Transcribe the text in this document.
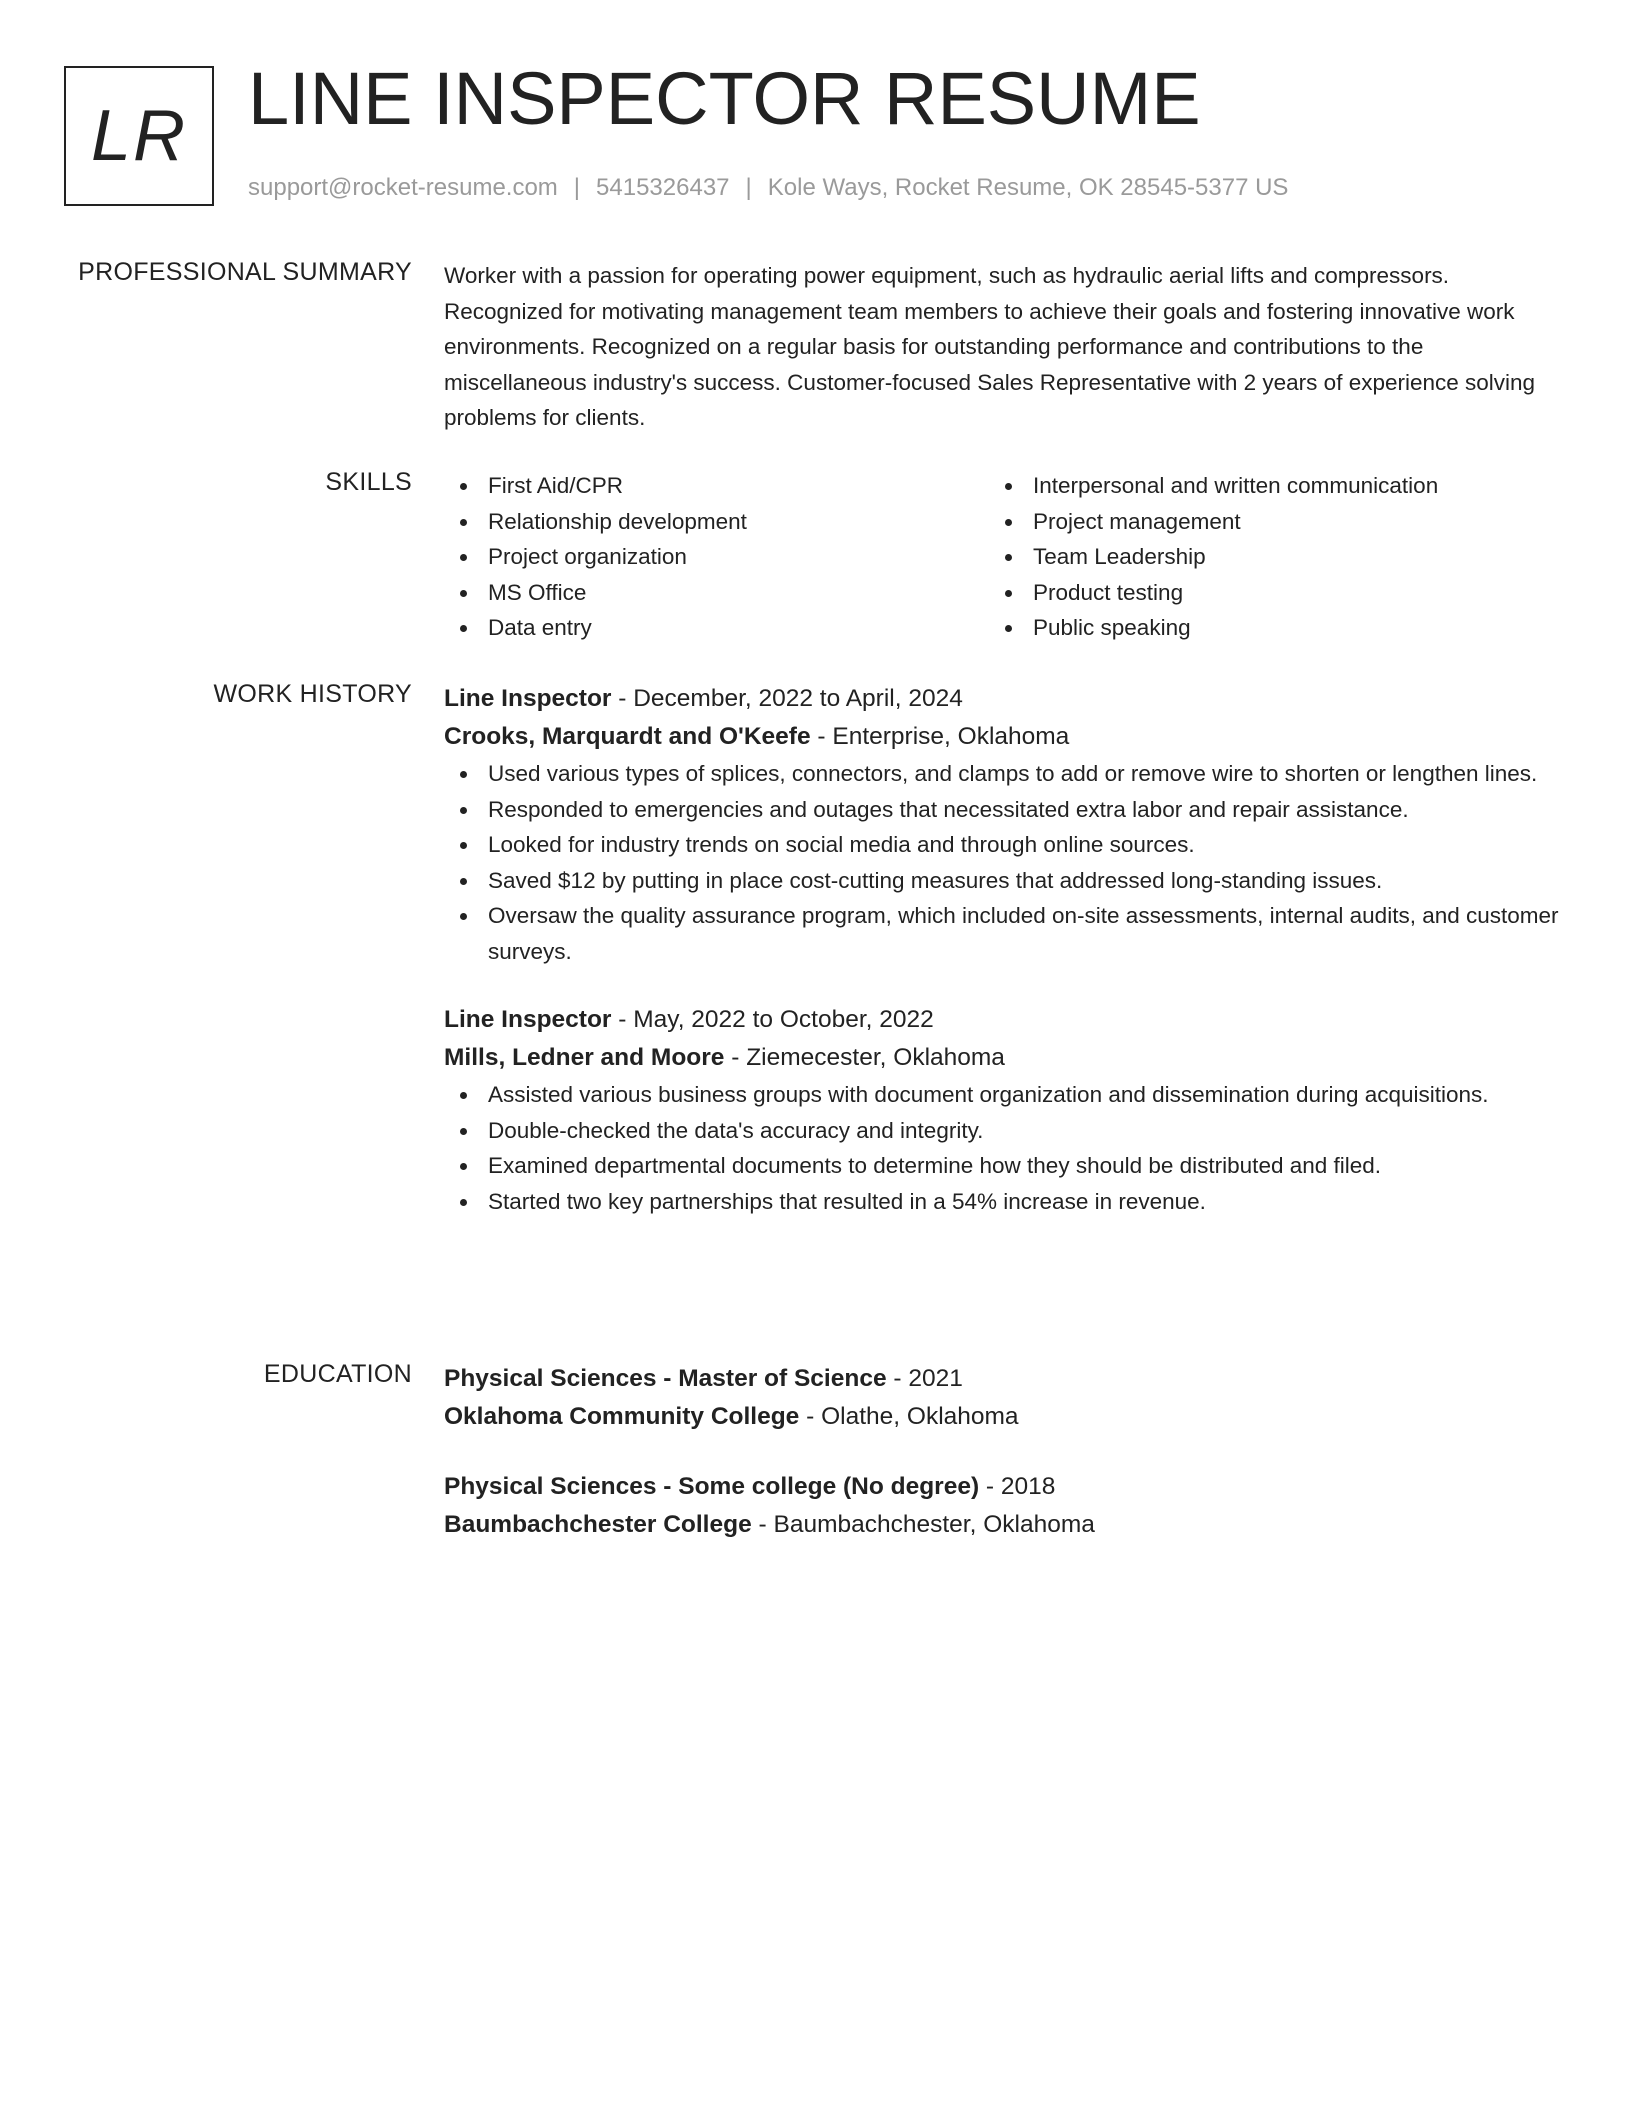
LR LINE INSPECTOR RESUME
support@rocket-resume.com | 5415326437 | Kole Ways, Rocket Resume, OK 28545-5377 US
PROFESSIONAL SUMMARY Worker with a passion for operating power equipment, such as hydraulic aerial lifts and compressors. Recognized for motivating management team members to achieve their goals and fostering innovative work environments. Recognized on a regular basis for outstanding performance and contributions to the miscellaneous industry's success. Customer-focused Sales Representative with 2 years of experience solving problems for clients.

SKILLS	First Aid/CPR
Relationship development
Project organization
MS Office
Data entry
Interpersonal and written communication
Project management
Team Leadership
Product testing
Public speaking
WORK HISTORY Line Inspector - December, 2022 to April, 2024
Crooks, Marquardt and O'Keefe - Enterprise, Oklahoma
Used various types of splices, connectors, and clamps to add or remove wire to shorten or lengthen lines.
Responded to emergencies and outages that necessitated extra labor and repair assistance.
Looked for industry trends on social media and through online sources.
Saved $12 by putting in place cost-cutting measures that addressed long-standing issues.
Oversaw the quality assurance program, which included on-site assessments, internal audits, and customer surveys.
Line Inspector - May, 2022 to October, 2022
Mills, Ledner and Moore - Ziemecester, Oklahoma
Assisted various business groups with document organization and dissemination during acquisitions.
Double-checked the data's accuracy and integrity.
Examined departmental documents to determine how they should be distributed and filed.
Started two key partnerships that resulted in a 54% increase in revenue.
EDUCATION Physical Sciences - Master of Science - 2021
Oklahoma Community College - Olathe, Oklahoma
Physical Sciences - Some college (No degree) - 2018
Baumbachchester College - Baumbachchester, Oklahoma
